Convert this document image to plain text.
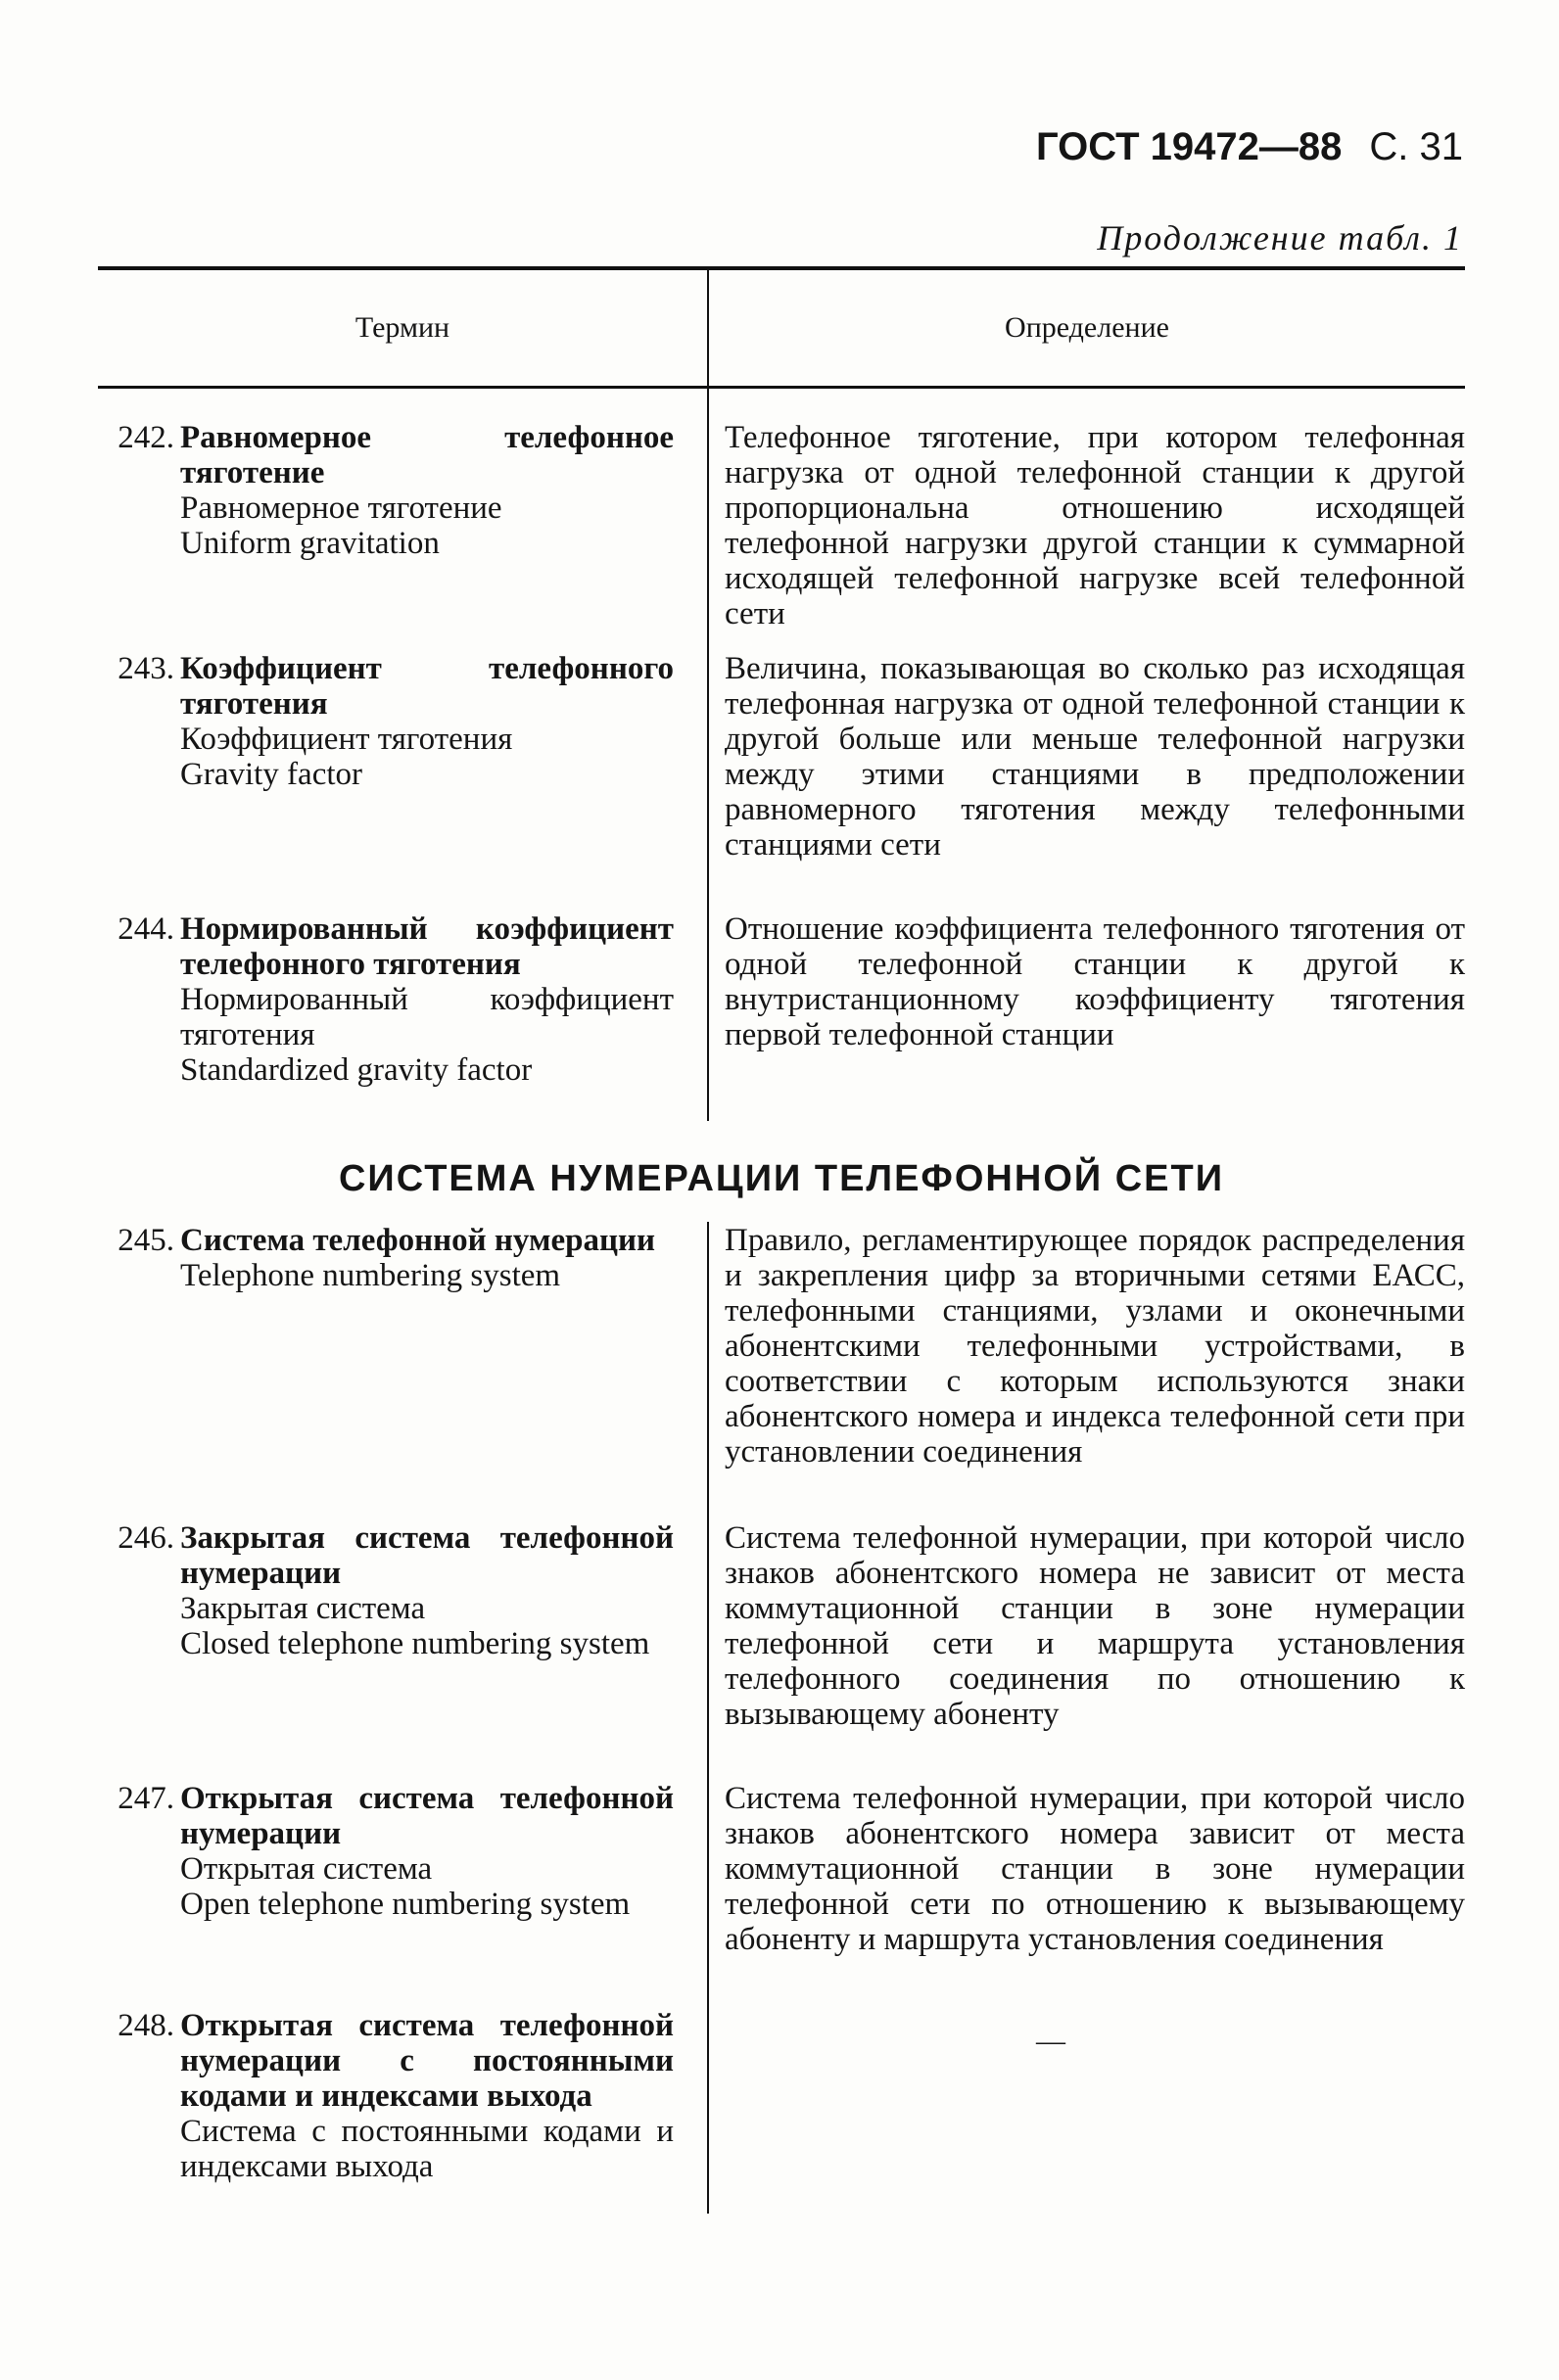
ГОСТ 19472—88 С. 31
Продолжение табл. 1
Термин	Определение
242. Равномерное телефонное тяготение
Равномерное тяготение
Uniform gravitation
Телефонное тяготение, при котором телефонная нагрузка от одной телефонной станции к другой пропорциональна отношению исходящей телефонной нагрузки другой станции к суммарной исходящей телефонной нагрузке всей телефонной сети
243. Коэффициент телефонного тяготения
Коэффициент тяготения
Gravity factor
Величина, показывающая во сколько раз исходящая телефонная нагрузка от одной телефонной станции к другой больше или меньше телефонной нагрузки между этими станциями в предположении равномерного тяготения между телефонными станциями сети
244. Нормированный коэффициент телефонного тяготения
Нормированный коэффициент тяготения
Standardized gravity factor
Отношение коэффициента телефонного тяготения от одной телефонной станции к другой к внутристанционному коэффициенту тяготения первой телефонной станции
СИСТЕМА НУМЕРАЦИИ ТЕЛЕФОННОЙ СЕТИ
245. Система телефонной нумерации
Telephone numbering system
Правило, регламентирующее порядок распределения и закрепления цифр за вторичными сетями ЕАСС, телефонными станциями, узлами и оконечными абонентскими телефонными устройствами, в соответствии с которым используются знаки абонентского номера и индекса телефонной сети при установлении соединения
246. Закрытая система телефонной нумерации
Закрытая система
Closed telephone numbering system
Система телефонной нумерации, при которой число знаков абонентского номера не зависит от места коммутационной станции в зоне нумерации телефонной сети и маршрута установления телефонного соединения по отношению к вызывающему абоненту
247. Открытая система телефонной нумерации
Открытая система
Open telephone numbering system
Система телефонной нумерации, при которой число знаков абонентского номера зависит от места коммутационной станции в зоне нумерации телефонной сети по отношению к вызывающему абоненту и маршрута установления соединения
248. Открытая система телефонной нумерации с постоянными кодами и индексами выхода
Система с постоянными кодами и индексами выхода
—
